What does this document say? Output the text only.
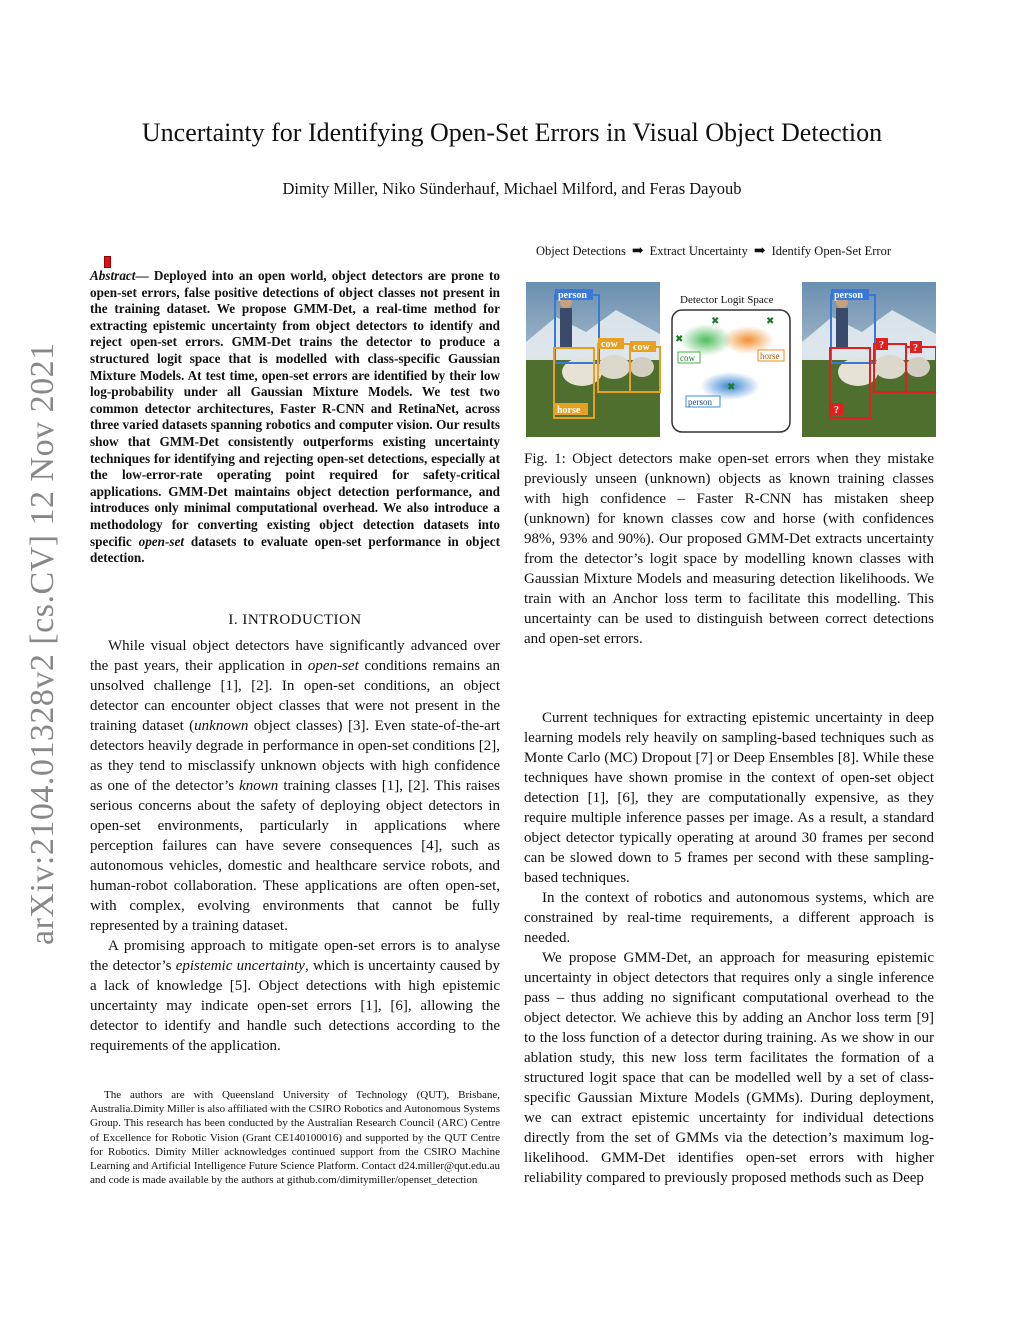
arXiv:2104.01328v2 [cs.CV] 12 Nov 2021
Uncertainty for Identifying Open-Set Errors in Visual Object Detection
Dimity Miller, Niko Sünderhauf, Michael Milford, and Feras Dayoub
Abstract— Deployed into an open world, object detectors are prone to open-set errors, false positive detections of object classes not present in the training dataset. We propose GMM-Det, a real-time method for extracting epistemic uncertainty from object detectors to identify and reject open-set errors. GMM-Det trains the detector to produce a structured logit space that is modelled with class-specific Gaussian Mixture Models. At test time, open-set errors are identified by their low log-probability under all Gaussian Mixture Models. We test two common detector architectures, Faster R-CNN and RetinaNet, across three varied datasets spanning robotics and computer vision. Our results show that GMM-Det consistently outperforms existing uncertainty techniques for identifying and rejecting open-set detections, especially at the low-error-rate operating point required for safety-critical applications. GMM-Det maintains object detection performance, and introduces only minimal computational overhead. We also introduce a methodology for converting existing object detection datasets into specific open-set datasets to evaluate open-set performance in object detection.
I. INTRODUCTION

While visual object detectors have significantly advanced over the past years, their application in open-set conditions remains an unsolved challenge [1], [2]. In open-set conditions, an object detector can encounter object classes that were not present in the training dataset (unknown object classes) [3]. Even state-of-the-art detectors heavily degrade in performance in open-set conditions [2], as they tend to misclassify unknown objects with high confidence as one of the detector’s known training classes [1], [2]. This raises serious concerns about the safety of deploying object detectors in open-set environments, particularly in applications where perception failures can have severe consequences [4], such as autonomous vehicles, domestic and healthcare service robots, and human-robot collaboration. These applications are often open-set, with complex, evolving environments that cannot be fully represented by a training dataset.

A promising approach to mitigate open-set errors is to analyse the detector’s epistemic uncertainty, which is uncertainty caused by a lack of knowledge [5]. Object detections with high epistemic uncertainty may indicate open-set errors [1], [6], allowing the detector to identify and handle such detections according to the requirements of the application.

The authors are with Queensland University of Technology (QUT), Brisbane, Australia.Dimity Miller is also affiliated with the CSIRO Robotics and Autonomous Systems Group. This research has been conducted by the Australian Research Council (ARC) Centre of Excellence for Robotic Vision (Grant CE140100016) and supported by the QUT Centre for Robotics. Dimity Miller acknowledges continued support from the CSIRO Machine Learning and Artificial Intelligence Future Science Platform. Contact d24.miller@qut.edu.au and code is made available by the authors at github.com/dimitymiller/openset_detection

Object Detections ➡ Extract Uncertainty ➡ Identify Open-Set Error
person
horse
cow cow
Detector Logit Space
✖	✖
✖
✖
cow	horse
person
person
?
?	?

Fig. 1: Object detectors make open-set errors when they mistake previously unseen (unknown) objects as known training classes with high confidence – Faster R-CNN has mistaken sheep (unknown) for known classes cow and horse (with confidences 98%, 93% and 90%). Our proposed GMM-Det extracts uncertainty from the detector’s logit space by modelling known classes with Gaussian Mixture Models and measuring detection likelihoods. We train with an Anchor loss term to facilitate this modelling. This uncertainty can be used to distinguish between correct detections and open-set errors.

Current techniques for extracting epistemic uncertainty in deep learning models rely heavily on sampling-based techniques such as Monte Carlo (MC) Dropout [7] or Deep Ensembles [8]. While these techniques have shown promise in the context of open-set object detection [1], [6], they are computationally expensive, as they require multiple inference passes per image. As a result, a standard object detector typically operating at around 30 frames per second can be slowed down to 5 frames per second with these sampling-based techniques.

In the context of robotics and autonomous systems, which are constrained by real-time requirements, a different approach is needed.

We propose GMM-Det, an approach for measuring epistemic uncertainty in object detectors that requires only a single inference pass – thus adding no significant computational overhead to the object detector. We achieve this by adding an Anchor loss term [9] to the loss function of a detector during training. As we show in our ablation study, this new loss term facilitates the formation of a structured logit space that can be modelled well by a set of class-specific Gaussian Mixture Models (GMMs). During deployment, we can extract epistemic uncertainty for individual detections directly from the set of GMMs via the detection’s maximum log-likelihood. GMM-Det identifies open-set errors with higher reliability compared to previously proposed methods such as Deep
